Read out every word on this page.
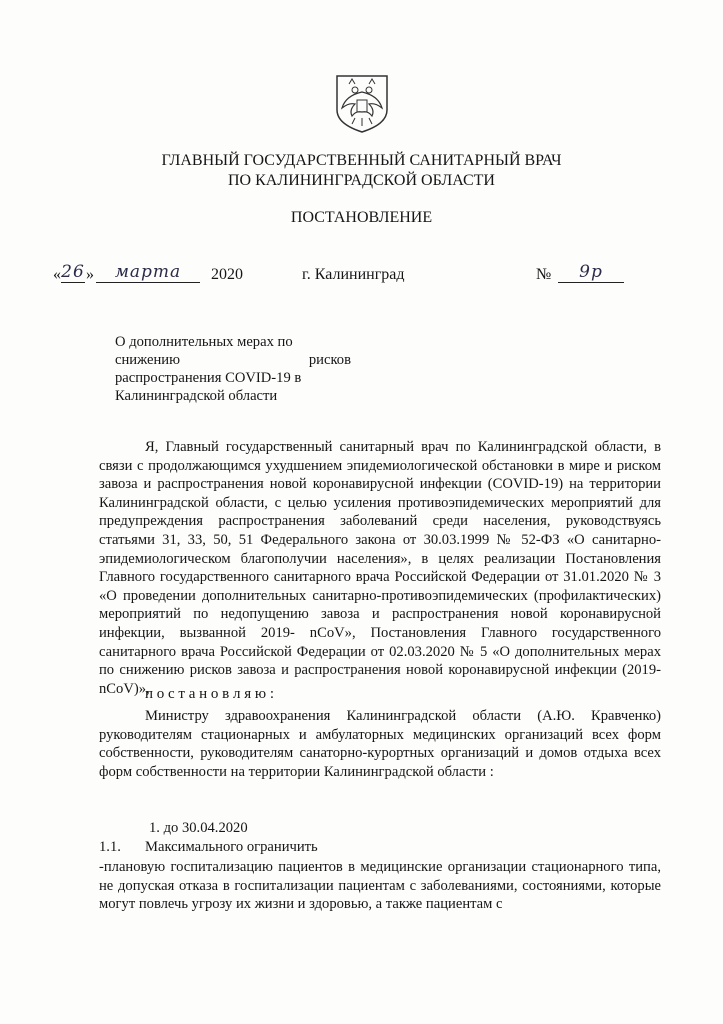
ГЛАВНЫЙ ГОСУДАРСТВЕННЫЙ САНИТАРНЫЙ ВРАЧ
ПО КАЛИНИНГРАДСКОЙ ОБЛАСТИ
ПОСТАНОВЛЕНИЕ
« 26 »	марта	2020	г. Калининград	№	9р
О дополнительных мерах по
снижению	рисков
распространения COVID-19 в
Калининградской области
Я, Главный государственный санитарный врач по Калининградской области, в связи с продолжающимся ухудшением эпидемиологической обстановки в мире и риском завоза и распространения новой коронавирусной инфекции (COVID-19) на территории Калининградской области, с целью усиления противоэпидемических мероприятий для предупреждения распространения заболеваний среди населения, руководствуясь статьями 31, 33, 50, 51 Федерального закона от 30.03.1999 № 52-ФЗ «О санитарно-эпидемиологическом благополучии населения», в целях реализации Постановления Главного государственного санитарного врача Российской Федерации от 31.01.2020 № 3 «О проведении дополнительных санитарно-противоэпидемических (профилактических) мероприятий по недопущению завоза и распространения новой коронавирусной инфекции, вызванной 2019- nCoV», Постановления Главного государственного санитарного врача Российской Федерации от 02.03.2020 № 5 «О дополнительных мерах по снижению рисков завоза и распространения новой коронавирусной инфекции (2019-nCoV)»,
п о с т а н о в л я ю :
Министру здравоохранения Калининградской области (А.Ю. Кравченко) руководителям стационарных и амбулаторных медицинских организаций всех форм собственности, руководителям санаторно-курортных организаций и домов отдыха всех форм собственности на территории Калининградской области :
1. до 30.04.2020
1.1. Максимального ограничить
-плановую госпитализацию пациентов в медицинские организации стационарного типа, не допуская отказа в госпитализации пациентам с заболеваниями, состояниями, которые могут повлечь угрозу их жизни и здоровью, а также пациентам с
